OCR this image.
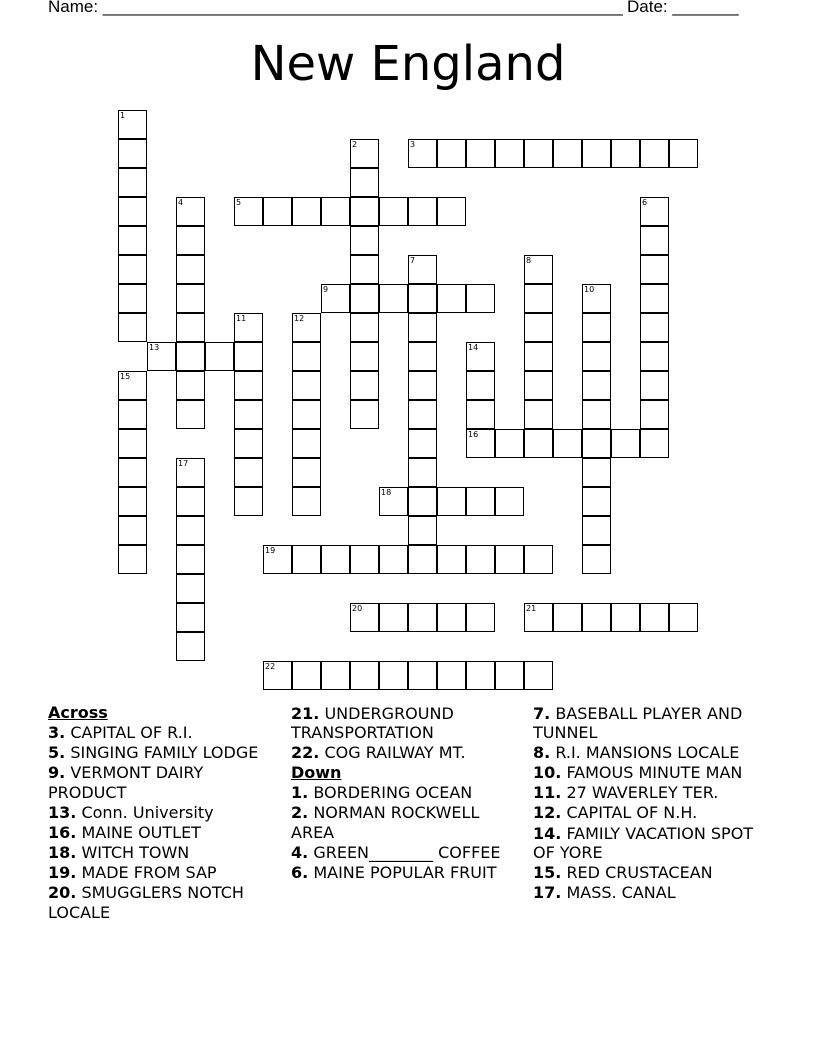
Name: _______________________________________________________ Date: _______
New England
1
2	3
4	5	6
7	8
9	10
11	12
13	14
15
16
17
18
19
20	21
22
Across
3. CAPITAL OF R.I.
5. SINGING FAMILY LODGE
9. VERMONT DAIRY PRODUCT
13. Conn. University
16. MAINE OUTLET
18. WITCH TOWN
19. MADE FROM SAP
20. SMUGGLERS NOTCH LOCALE
21. UNDERGROUND TRANSPORTATION
22. COG RAILWAY MT.
Down
1. BORDERING OCEAN
2. NORMAN ROCKWELL AREA
4. GREEN________ COFFEE
6. MAINE POPULAR FRUIT
7. BASEBALL PLAYER AND TUNNEL
8. R.I. MANSIONS LOCALE
10. FAMOUS MINUTE MAN
11. 27 WAVERLEY TER.
12. CAPITAL OF N.H.
14. FAMILY VACATION SPOT OF YORE
15. RED CRUSTACEAN
17. MASS. CANAL
